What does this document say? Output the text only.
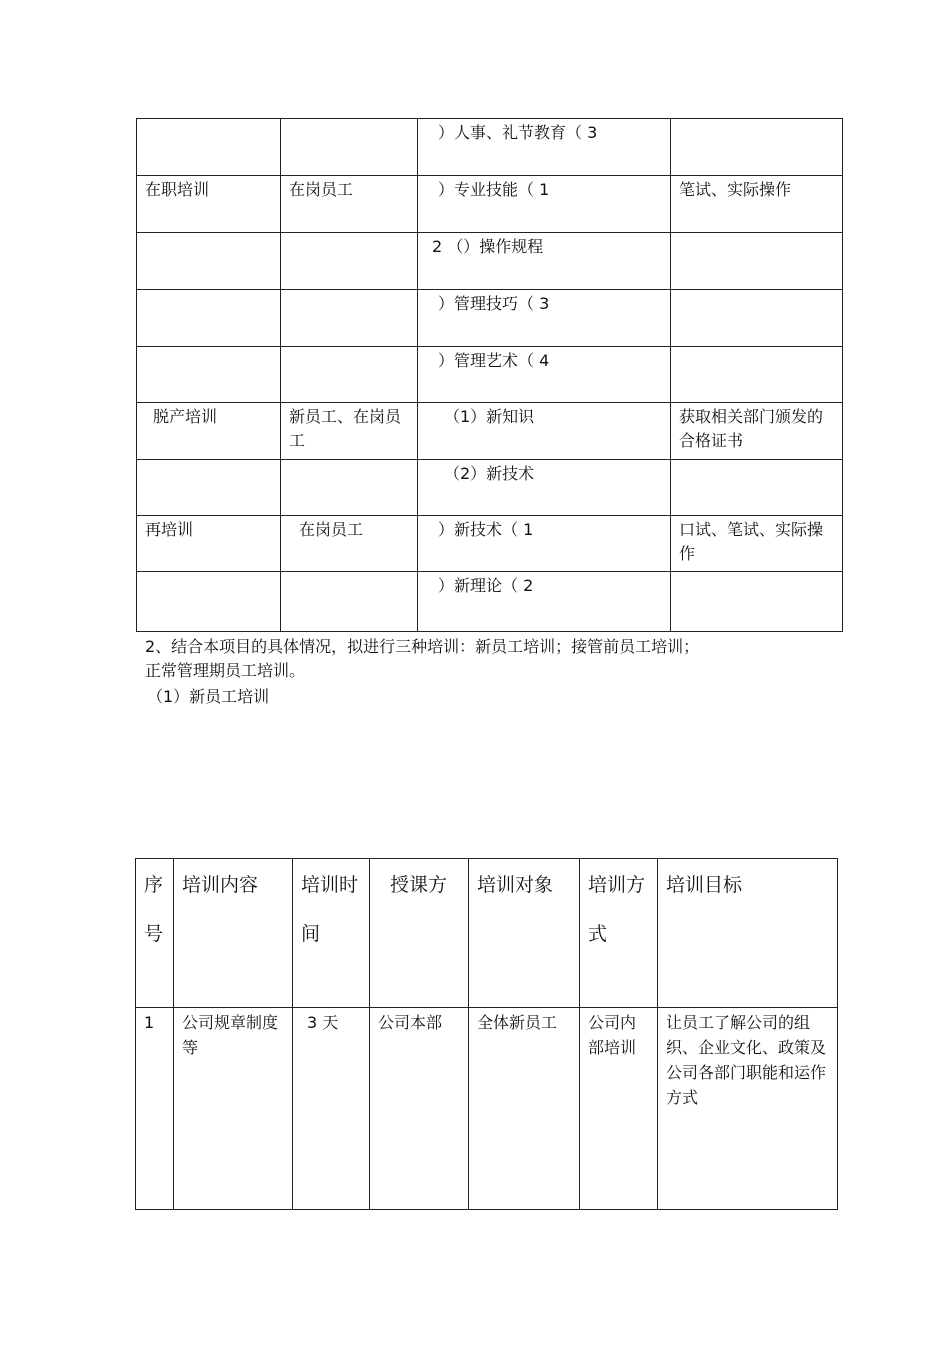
		）人事、礼节教育（ 3	
在职培训	在岗员工	）专业技能（ 1	笔试、实际操作
		2 （）操作规程	
		）管理技巧（ 3	
		）管理艺术（ 4	
脱产培训	新员工、在岗员工	（1）新知识	获取相关部门颁发的合格证书
		（2）新技术	
再培训	在岗员工	）新技术（ 1	口试、笔试、实际操作
		）新理论（ 2	
2、结合本项目的具体情况，拟进行三种培训：新员工培训；接管前员工培训；
正常管理期员工培训。
（1）新员工培训
序号	培训内容	培训时间	授课方	培训对象	培训方式	培训目标
1	公司规章制度等	3 天	公司本部	全体新员工	公司内部培训	让员工了解公司的组织、企业文化、政策及公司各部门职能和运作方式
